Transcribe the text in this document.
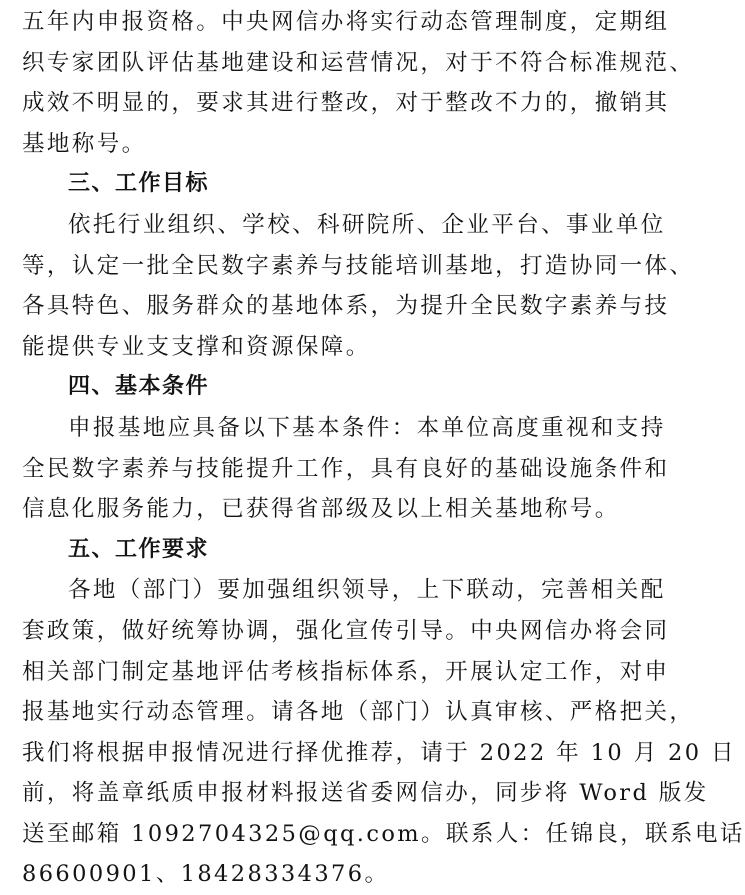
五年内申报资格。中央网信办将实行动态管理制度，定期组
织专家团队评估基地建设和运营情况，对于不符合标准规范、
成效不明显的，要求其进行整改，对于整改不力的，撤销其
基地称号。
三、工作目标
依托行业组织、学校、科研院所、企业平台、事业单位
等，认定一批全民数字素养与技能培训基地，打造协同一体、
各具特色、服务群众的基地体系，为提升全民数字素养与技
能提供专业支支撑和资源保障。
四、基本条件
申报基地应具备以下基本条件：本单位高度重视和支持
全民数字素养与技能提升工作，具有良好的基础设施条件和
信息化服务能力，已获得省部级及以上相关基地称号。
五、工作要求
各地（部门）要加强组织领导，上下联动，完善相关配
套政策，做好统筹协调，强化宣传引导。中央网信办将会同
相关部门制定基地评估考核指标体系，开展认定工作，对申
报基地实行动态管理。请各地（部门）认真审核、严格把关，
我们将根据申报情况进行择优推荐，请于 2022 年 10 月 20 日
前，将盖章纸质申报材料报送省委网信办，同步将 Word 版发
送至邮箱 1092704325@qq.com。联系人：任锦良，联系电话
86600901、18428334376。
